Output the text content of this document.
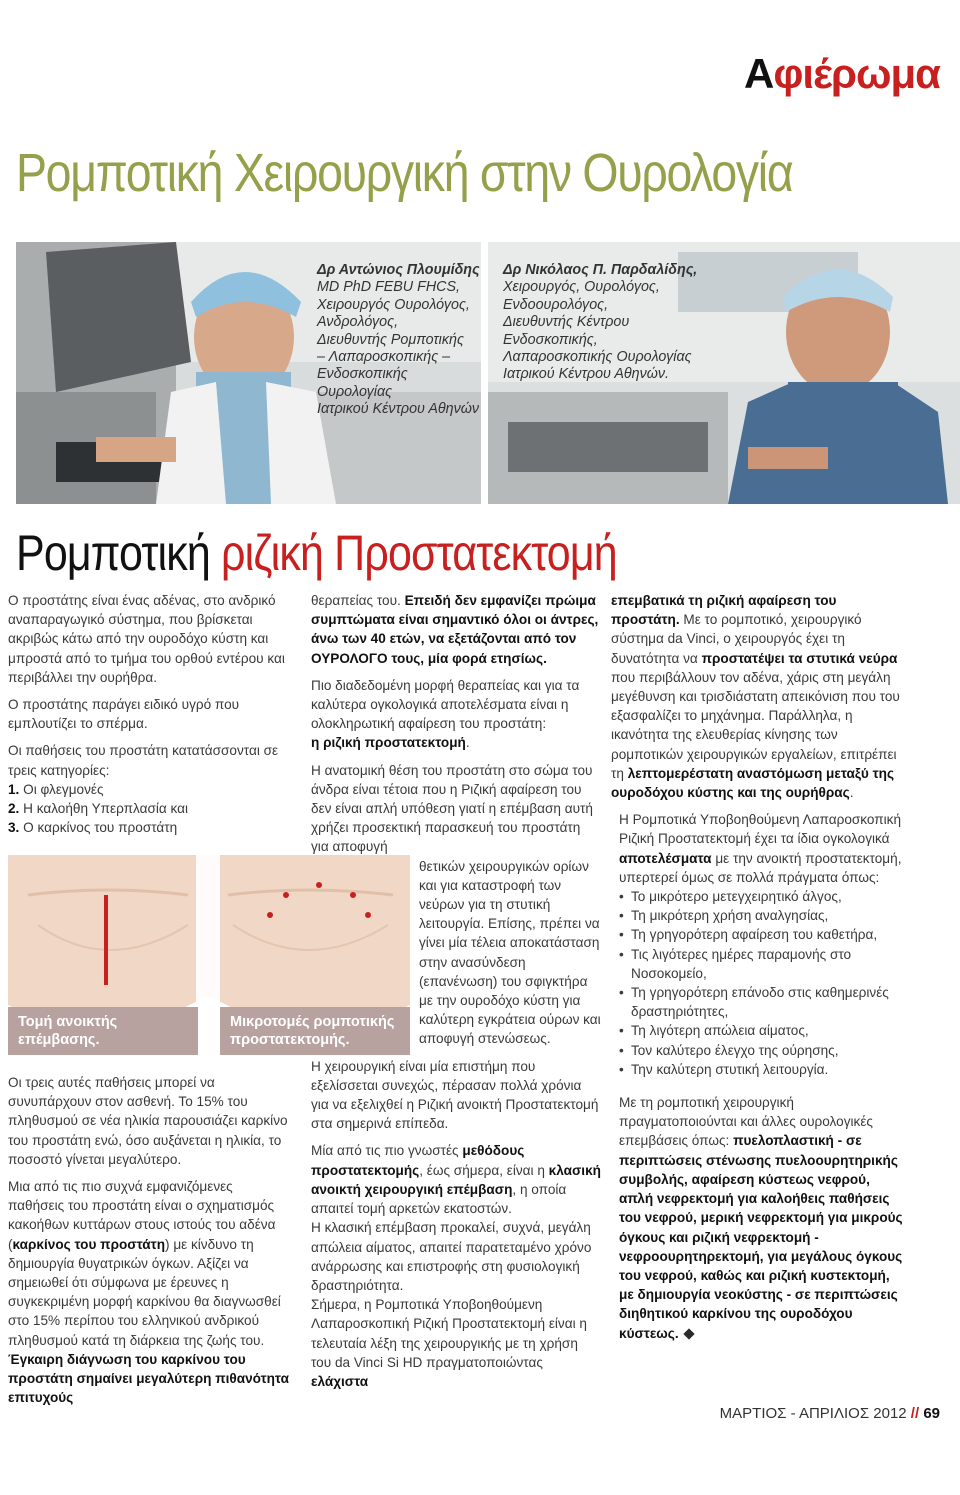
Αφιέρωμα
Ρομποτική Χειρουργική στην Ουρολογία
Δρ Αντώνιος Πλουμίδης
MD PhD FEBU FHCS,
Χειρουργός Ουρολόγος,
Ανδρολόγος,
Διευθυντής Ρομποτικής
– Λαπαροσκοπικής –
Ενδοσκοπικής Ουρολογίας
Ιατρικού Κέντρου Αθηνών
Δρ Νικόλαος Π. Παρδαλίδης,
Χειρουργός, Ουρολόγος,
Ενδοουρολόγος,
Διευθυντής Κέντρου
Ενδοσκοπικής,
Λαπαροσκοπικής Ουρολογίας
Ιατρικού Κέντρου Αθηνών.
Ρομποτική ριζική Προστατεκτομή

Ο προστάτης είναι ένας αδένας, στο ανδρικό αναπαραγωγικό σύστημα, που βρίσκεται ακριβώς κάτω από την ουροδόχο κύστη και μπροστά από το τμήμα του ορθού εντέρου και περιβάλλει την ουρήθρα.

Ο προστάτης παράγει ειδικό υγρό που εμπλουτίζει το σπέρμα.

Οι παθήσεις του προστάτη κατατάσσονται σε τρεις κατηγορίες:

1. Οι φλεγμονές
2. Η καλοήθη Υπερπλασία και
3. Ο καρκίνος του προστάτη
Τομή ανοικτής επέμβασης.
Μικροτομές ρομποτικής προστατεκτομής.

Οι τρεις αυτές παθήσεις μπορεί να συνυπάρχουν στον ασθενή. Το 15% του πληθυσμού σε νέα ηλικία παρουσιάζει καρκίνο του προστάτη ενώ, όσο αυξάνεται η ηλικία, το ποσοστό γίνεται μεγαλύτερο.

Μια από τις πιο συχνά εμφανιζόμενες παθήσεις του προστάτη είναι ο σχηματισμός κακοήθων κυττάρων στους ιστούς του αδένα (καρκίνος του προστάτη) με κίνδυνο τη δημιουργία θυγατρικών όγκων. Αξίζει να σημειωθεί ότι σύμφωνα με έρευνες η συγκεκριμένη μορφή καρκίνου θα διαγνωσθεί στο 15% περίπου του ελληνικού ανδρικού πληθυσμού κατά τη διάρκεια της ζωής του.
Έγκαιρη διάγνωση του καρκίνου του προστάτη σημαίνει μεγαλύτερη πιθανότητα επιτυχούς

θεραπείας του. Επειδή δεν εμφανίζει πρώιμα συμπτώματα είναι σημαντικό όλοι οι άντρες, άνω των 40 ετών, να εξετάζονται από τον ΟΥΡΟΛΟΓΟ τους, μία φορά ετησίως.

Πιο διαδεδομένη μορφή θεραπείας και για τα καλύτερα ογκολογικά αποτελέσματα είναι η ολοκληρωτική αφαίρεση του προστάτη:
η ριζική προστατεκτομή.

Η ανατομική θέση του προστάτη στο σώμα του άνδρα είναι τέτοια που η Ριζική αφαίρεση του δεν είναι απλή υπόθεση γιατί η επέμβαση αυτή χρήζει προσεκτική παρασκευή του προστάτη για αποφυγή

θετικών χειρουργικών ορίων και για καταστροφή των νεύρων για τη στυτική λειτουργία. Επίσης, πρέπει να γίνει μία τέλεια αποκατάσταση στην ανασύνδεση (επανένωση) του σφιγκτήρα με την ουροδόχο κύστη για καλύτερη εγκράτεια ούρων και αποφυγή στενώσεως.

Η χειρουργική είναι μία επιστήμη που εξελίσσεται συνεχώς, πέρασαν πολλά χρόνια για να εξελιχθεί η Ριζική ανοικτή Προστατεκτομή στα σημερινά επίπεδα.

Μία από τις πιο γνωστές μεθόδους προστατεκτομής, έως σήμερα, είναι η κλασική ανοικτή χειρουργική επέμβαση, η οποία απαιτεί τομή αρκετών εκατοστών.

Η κλασική επέμβαση προκαλεί, συχνά, μεγάλη απώλεια αίματος, απαιτεί παρατεταμένο χρόνο ανάρρωσης και επιστροφής στη φυσιολογική δραστηριότητα.

Σήμερα, η Ρομποτικά Υποβοηθούμενη Λαπαροσκοπική Ριζική Προστατεκτομή είναι η τελευταία λέξη της χειρουργικής με τη χρήση του da Vinci Si HD πραγματοποιώντας ελάχιστα

επεμβατικά τη ριζική αφαίρεση του προστάτη. Με το ρομποτικό, χειρουργικό σύστημα da Vinci, ο χειρουργός έχει τη δυνατότητα να προστατέψει τα στυτικά νεύρα που περιβάλλουν τον αδένα, χάρις στη μεγάλη μεγέθυνση και τρισδιάστατη απεικόνιση που του εξασφαλίζει το μηχάνημα. Παράλληλα, η ικανότητα της ελευθερίας κίνησης των ρομποτικών χειρουργικών εργαλείων, επιτρέπει τη λεπτομερέστατη αναστόμωση μεταξύ της ουροδόχου κύστης και της ουρήθρας.

Η Ρομποτικά Υποβοηθούμενη Λαπαροσκοπική Ριζική Προστατεκτομή έχει τα ίδια ογκολογικά αποτελέσματα με την ανοικτή προστατεκτομή, υπερτερεί όμως σε πολλά πράγματα όπως:

• Το μικρότερο μετεγχειρητικό άλγος,
• Τη μικρότερη χρήση αναλγησίας,
• Τη γρηγορότερη αφαίρεση του καθετήρα,
• Τις λιγότερες ημέρες παραμονής στο Νοσοκομείο,
• Τη γρηγορότερη επάνοδο στις καθημερινές δραστηριότητες,
• Τη λιγότερη απώλεια αίματος,
• Τον καλύτερο έλεγχο της ούρησης,
• Την καλύτερη στυτική λειτουργία.

Με τη ρομποτική χειρουργική πραγματοποιούνται και άλλες ουρολογικές επεμβάσεις όπως: πυελοπλαστική - σε περιπτώσεις στένωσης πυελοουρητηρικής συμβολής, αφαίρεση κύστεως νεφρού, απλή νεφρεκτομή για καλοήθεις παθήσεις του νεφρού, μερική νεφρεκτομή για μικρούς όγκους και ριζική νεφρεκτομή - νεφροουρητηρεκτομή, για μεγάλους όγκους του νεφρού, καθώς και ριζική κυστεκτομή, με δημιουργία νεοκύστης - σε περιπτώσεις διηθητικού καρκίνου της ουροδόχου κύστεως.

ΜΑΡΤΙΟΣ - ΑΠΡΙΛΙΟΣ 2012 // 69
